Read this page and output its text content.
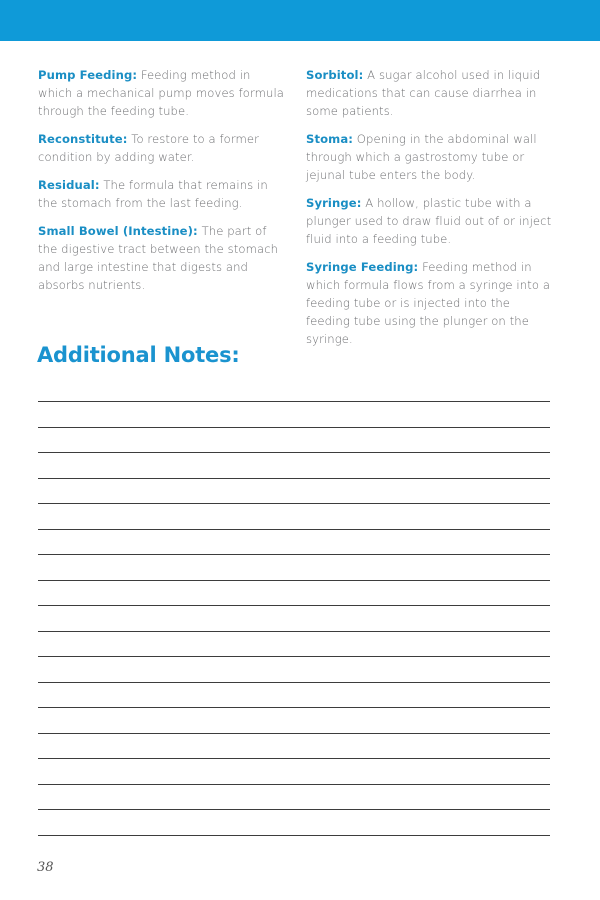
Pump Feeding: Feeding method in which a mechanical pump moves formula through the feeding tube.

Reconstitute: To restore to a former condition by adding water.

Residual: The formula that remains in the stomach from the last feeding.

Small Bowel (Intestine): The part of the digestive tract between the stomach and large intestine that digests and absorbs nutrients.

Sorbitol: A sugar alcohol used in liquid medications that can cause diarrhea in some patients.

Stoma: Opening in the abdominal wall through which a gastrostomy tube or jejunal tube enters the body.

Syringe: A hollow, plastic tube with a plunger used to draw fluid out of or inject fluid into a feeding tube.

Syringe Feeding: Feeding method in which formula flows from a syringe into a feeding tube or is injected into the feeding tube using the plunger on the syringe.

Additional Notes:
38
